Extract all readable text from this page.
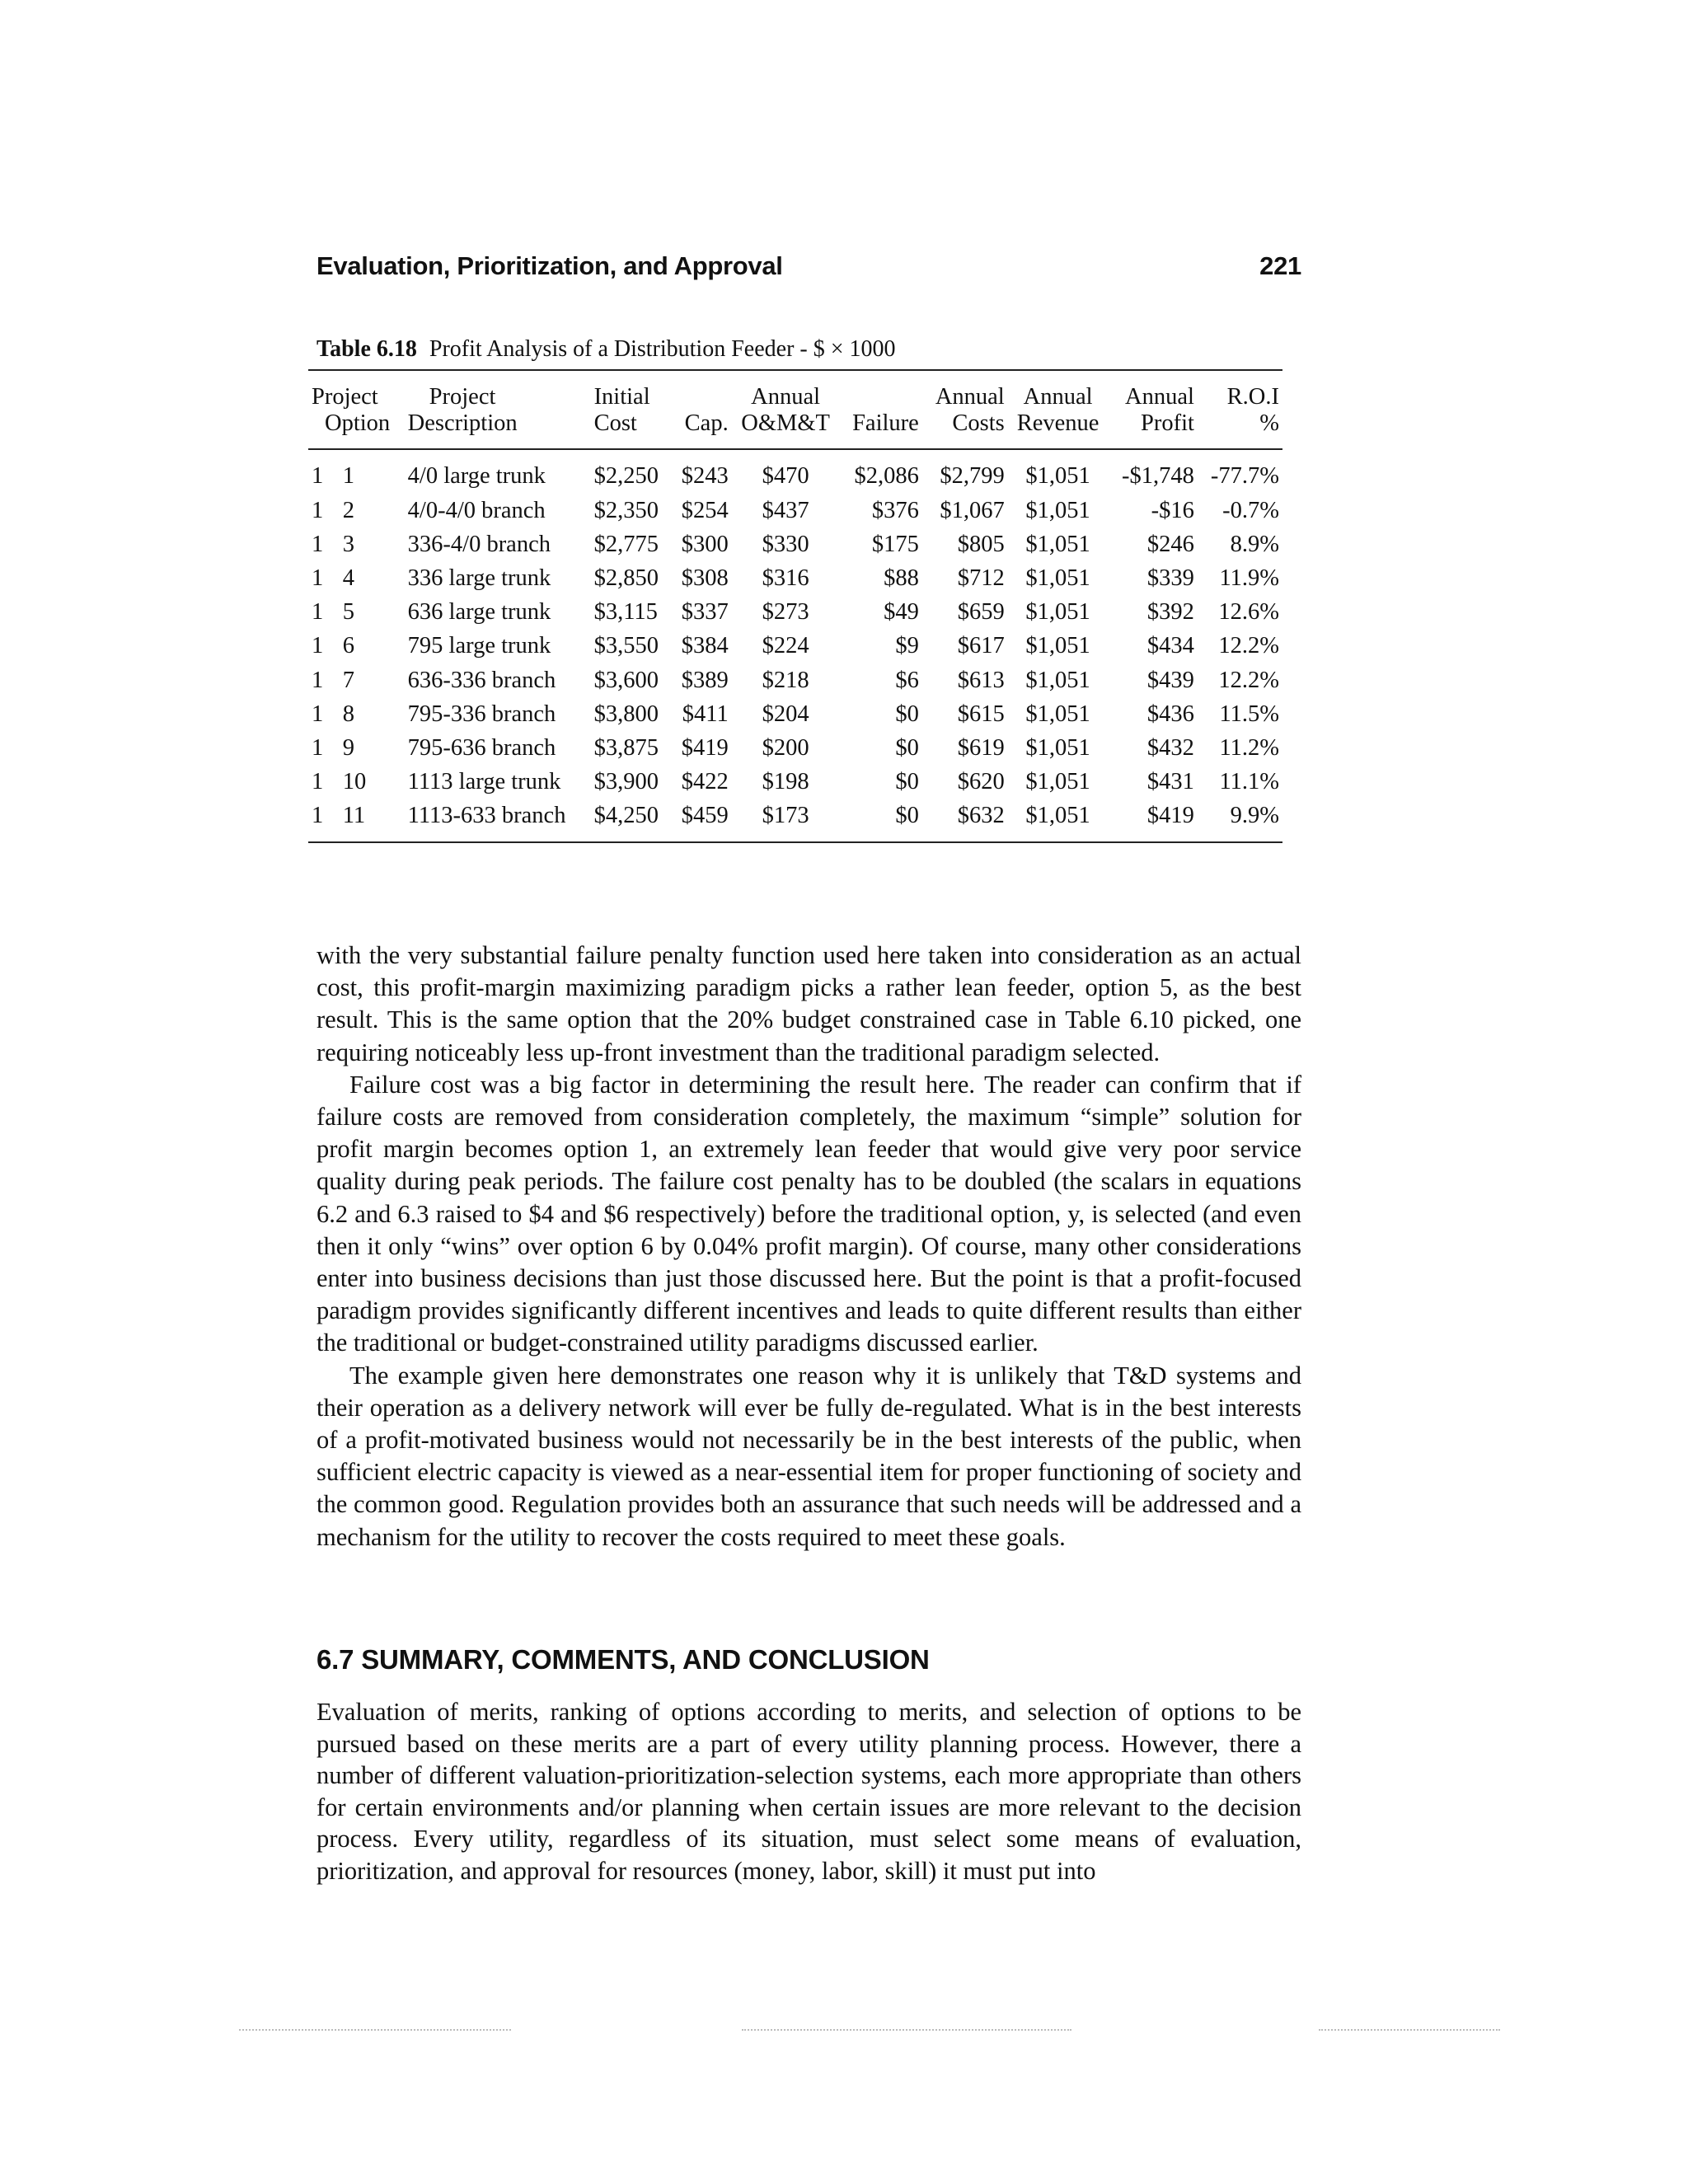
Evaluation, Prioritization, and Approval	221
Table 6.18 Profit Analysis of a Distribution Feeder - $ × 1000
Project		Project	Initial		Annual		Annual	Annual	Annual	R.O.I
Option		Description	Cost	Cap.	O&M&T	Failure	Costs	Revenue	Profit	%
1	1	4/0 large trunk	$2,250	$243	$470	$2,086	$2,799	$1,051	-$1,748	-77.7%
1	2	4/0-4/0 branch	$2,350	$254	$437	$376	$1,067	$1,051	-$16	-0.7%
1	3	336-4/0 branch	$2,775	$300	$330	$175	$805	$1,051	$246	8.9%
1	4	336 large trunk	$2,850	$308	$316	$88	$712	$1,051	$339	11.9%
1	5	636 large trunk	$3,115	$337	$273	$49	$659	$1,051	$392	12.6%
1	6	795 large trunk	$3,550	$384	$224	$9	$617	$1,051	$434	12.2%
1	7	636-336 branch	$3,600	$389	$218	$6	$613	$1,051	$439	12.2%
1	8	795-336 branch	$3,800	$411	$204	$0	$615	$1,051	$436	11.5%
1	9	795-636 branch	$3,875	$419	$200	$0	$619	$1,051	$432	11.2%
1	10	1113 large trunk	$3,900	$422	$198	$0	$620	$1,051	$431	11.1%
1	11	1113-633 branch	$4,250	$459	$173	$0	$632	$1,051	$419	9.9%

with the very substantial failure penalty function used here taken into consideration as an actual cost, this profit-margin maximizing paradigm picks a rather lean feeder, option 5, as the best result. This is the same option that the 20% budget constrained case in Table 6.10 picked, one requiring noticeably less up-front investment than the traditional paradigm selected.

Failure cost was a big factor in determining the result here. The reader can confirm that if failure costs are removed from consideration completely, the maximum “simple” solution for profit margin becomes option 1, an extremely lean feeder that would give very poor service quality during peak periods. The failure cost penalty has to be doubled (the scalars in equations 6.2 and 6.3 raised to $4 and $6 respectively) before the traditional option, y, is selected (and even then it only “wins” over option 6 by 0.04% profit margin). Of course, many other considerations enter into business decisions than just those discussed here. But the point is that a profit-focused paradigm provides significantly different incentives and leads to quite different results than either the traditional or budget-constrained utility paradigms discussed earlier.

The example given here demonstrates one reason why it is unlikely that T&D systems and their operation as a delivery network will ever be fully de-regulated. What is in the best interests of a profit-motivated business would not necessarily be in the best interests of the public, when sufficient electric capacity is viewed as a near-essential item for proper functioning of society and the common good. Regulation provides both an assurance that such needs will be addressed and a mechanism for the utility to recover the costs required to meet these goals.

6.7 SUMMARY, COMMENTS, AND CONCLUSION

Evaluation of merits, ranking of options according to merits, and selection of options to be pursued based on these merits are a part of every utility planning process. However, there a number of different valuation-prioritization-selection systems, each more appropriate than others for certain environments and/or planning when certain issues are more relevant to the decision process. Every utility, regardless of its situation, must select some means of evaluation, prioritization, and approval for resources (money, labor, skill) it must put into
